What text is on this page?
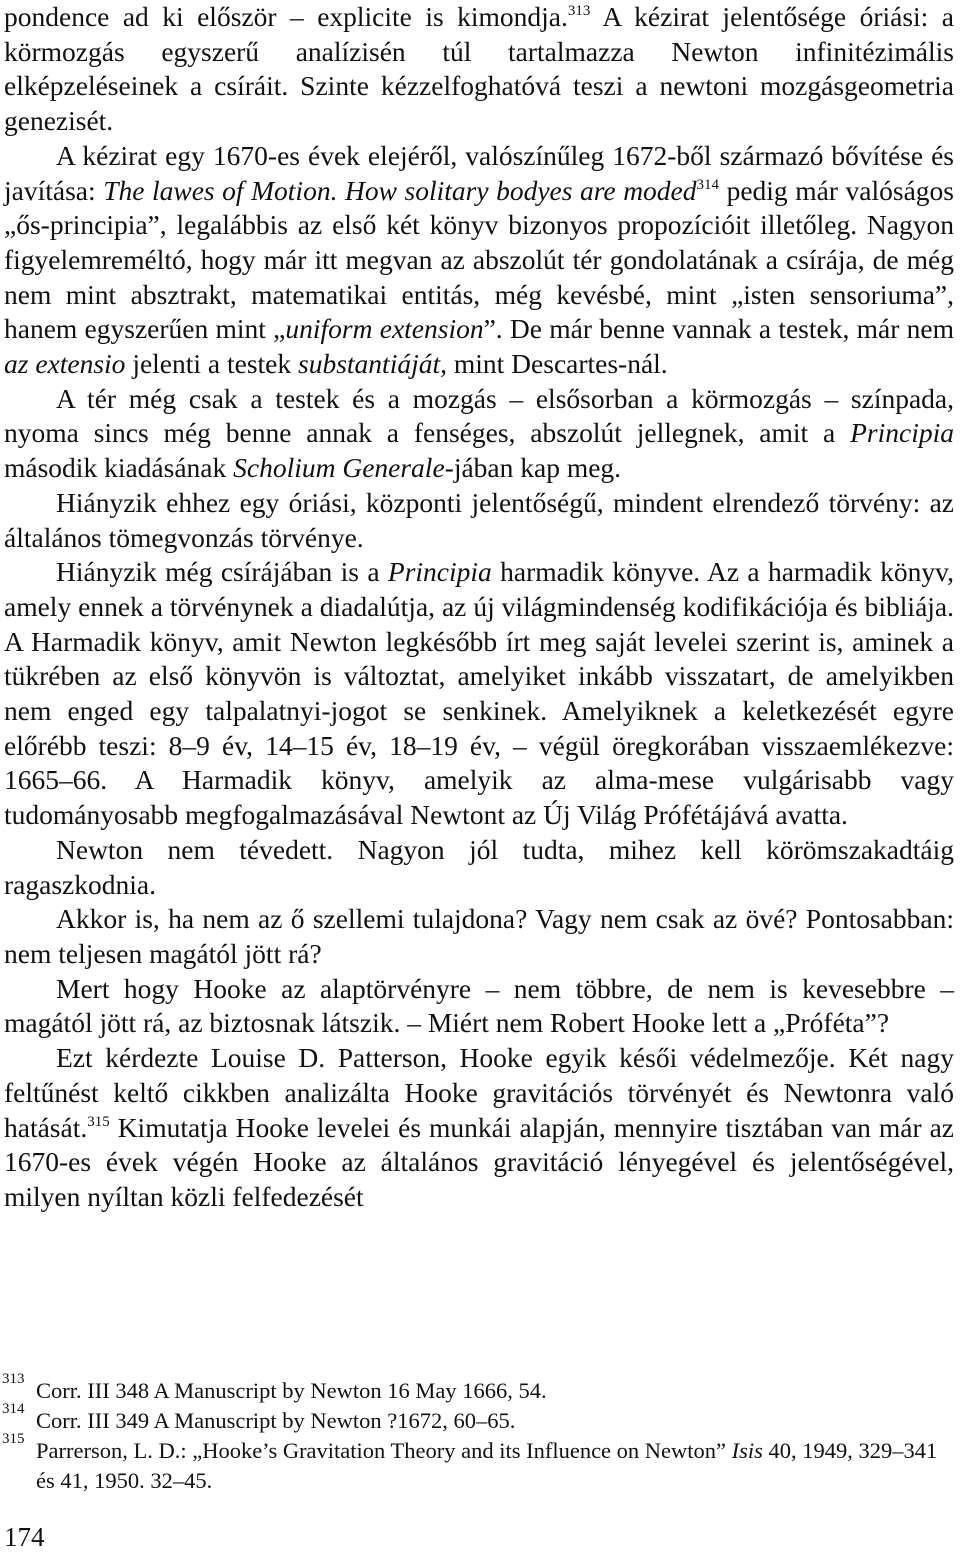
pondence ad ki először – explicite is kimondja.$^{313}$ A kézirat jelentősége óriási: a körmozgás egyszerű analízisén túl tartalmazza Newton infinitézimális elképzeléseinek a csíráit. Szinte kézzelfoghatóvá teszi a newtoni mozgásgeometria genezisét.

A kézirat egy 1670-es évek elejéről, valószínűleg 1672-ből származó bővítése és javítása: The lawes of Motion. How solitary bodyes are moded$^{314}$ pedig már valóságos „ős-principia”, legalábbis az első két könyv bizonyos propozícióit illetőleg. Nagyon figyelemreméltó, hogy már itt megvan az abszolút tér gondolatának a csírája, de még nem mint absztrakt, matematikai entitás, még kevésbé, mint „isten sensoriuma”, hanem egyszerűen mint „uniform extension”. De már benne vannak a testek, már nem az extensio jelenti a testek substantiáját, mint Descartes-nál.

A tér még csak a testek és a mozgás – elsősorban a körmozgás – színpada, nyoma sincs még benne annak a fenséges, abszolút jellegnek, amit a Principia második kiadásának Scholium Generale-jában kap meg.

Hiányzik ehhez egy óriási, központi jelentőségű, mindent elrendező törvény: az általános tömegvonzás törvénye.

Hiányzik még csírájában is a Principia harmadik könyve. Az a harmadik könyv, amely ennek a törvénynek a diadalútja, az új világmindenség kodifikációja és bibliája. A Harmadik könyv, amit Newton legkésőbb írt meg saját levelei szerint is, aminek a tükrében az első könyvön is változtat, amelyiket inkább visszatart, de amelyikben nem enged egy talpalatnyi-jogot se senkinek. Amelyiknek a keletkezését egyre előrébb teszi: 8–9 év, 14–15 év, 18–19 év, – végül öregkorában visszaemlékezve: 1665–66. A Harmadik könyv, amelyik az alma-mese vulgárisabb vagy tudományosabb megfogalmazásával Newtont az Új Világ Prófétájává avatta.

Newton nem tévedett. Nagyon jól tudta, mihez kell körömszakadtáig ragaszkodnia.

Akkor is, ha nem az ő szellemi tulajdona? Vagy nem csak az övé? Pontosabban: nem teljesen magától jött rá?

Mert hogy Hooke az alaptörvényre – nem többre, de nem is kevesebbre – magától jött rá, az biztosnak látszik. – Miért nem Robert Hooke lett a „Próféta”?

Ezt kérdezte Louise D. Patterson, Hooke egyik késői védelmezője. Két nagy feltűnést keltő cikkben analizálta Hooke gravitációs törvényét és Newtonra való hatását.$^{315}$ Kimutatja Hooke levelei és munkái alapján, mennyire tisztában van már az 1670-es évek végén Hooke az általános gravitáció lényegével és jelentőségével, milyen nyíltan közli felfedezését

313 Corr. III 348 A Manuscript by Newton 16 May 1666, 54.
314 Corr. III 349 A Manuscript by Newton ?1672, 60–65.
315 Parrerson, L. D.: „Hooke’s Gravitation Theory and its Influence on Newton” Isis 40, 1949, 329–341 és 41, 1950. 32–45.
174
